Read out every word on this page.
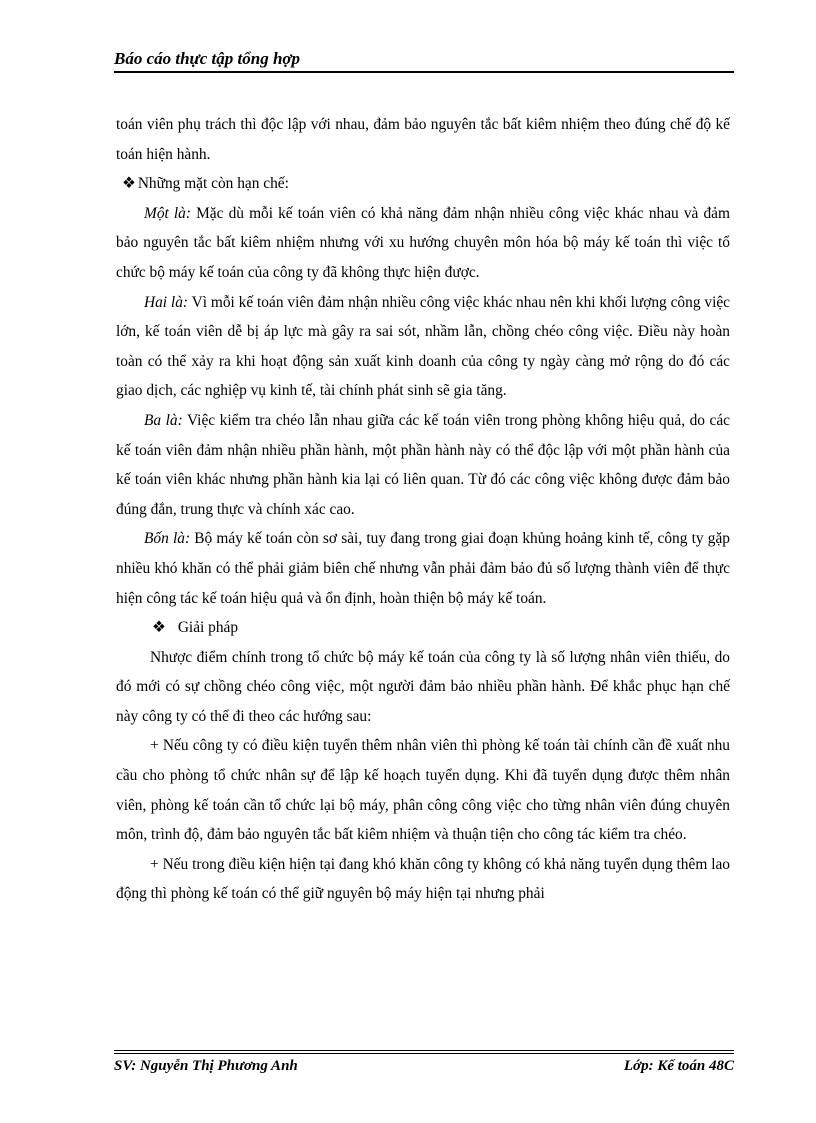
Báo cáo thực tập tổng hợp

toán viên phụ trách thì độc lập với nhau, đảm bảo nguyên tắc bất kiêm nhiệm theo đúng chế độ kế toán hiện hành.

❖ Những mặt còn hạn chế:

Một là: Mặc dù mỗi kế toán viên có khả năng đảm nhận nhiều công việc khác nhau và đảm bảo nguyên tắc bất kiêm nhiệm nhưng với xu hướng chuyên môn hóa bộ máy kế toán thì việc tổ chức bộ máy kế toán của công ty đã không thực hiện được.

Hai là: Vì mỗi kế toán viên đảm nhận nhiều công việc khác nhau nên khi khối lượng công việc lớn, kế toán viên dễ bị áp lực mà gây ra sai sót, nhầm lẫn, chồng chéo công việc. Điều này hoàn toàn có thể xảy ra khi hoạt động sản xuất kinh doanh của công ty ngày càng mở rộng do đó các giao dịch, các nghiệp vụ kinh tế, tài chính phát sinh sẽ gia tăng.

Ba là: Việc kiểm tra chéo lẫn nhau giữa các kế toán viên trong phòng không hiệu quả, do các kế toán viên đảm nhận nhiều phần hành, một phần hành này có thể độc lập với một phần hành của kế toán viên khác nhưng phần hành kia lại có liên quan. Từ đó các công việc không được đảm bảo đúng đắn, trung thực và chính xác cao.

Bốn là: Bộ máy kế toán còn sơ sài, tuy đang trong giai đoạn khủng hoảng kinh tế, công ty gặp nhiều khó khăn có thể phải giảm biên chế nhưng vẫn phải đảm bảo đủ số lượng thành viên để thực hiện công tác kế toán hiệu quả và ổn định, hoàn thiện bộ máy kế toán.

❖ Giải pháp

Nhược điểm chính trong tổ chức bộ máy kế toán của công ty là số lượng nhân viên thiếu, do đó mới có sự chồng chéo công việc, một người đảm bảo nhiều phần hành. Để khắc phục hạn chế này công ty có thể đi theo các hướng sau:

+ Nếu công ty có điều kiện tuyển thêm nhân viên thì phòng kế toán tài chính cần đề xuất nhu cầu cho phòng tổ chức nhân sự để lập kế hoạch tuyển dụng. Khi đã tuyển dụng được thêm nhân viên, phòng kế toán cần tổ chức lại bộ máy, phân công công việc cho từng nhân viên đúng chuyên môn, trình độ, đảm bảo nguyên tắc bất kiêm nhiệm và thuận tiện cho công tác kiểm tra chéo.

+ Nếu trong điều kiện hiện tại đang khó khăn công ty không có khả năng tuyển dụng thêm lao động thì phòng kế toán có thể giữ nguyên bộ máy hiện tại nhưng phải

SV: Nguyễn Thị Phương Anh	Lớp: Kế toán 48C
